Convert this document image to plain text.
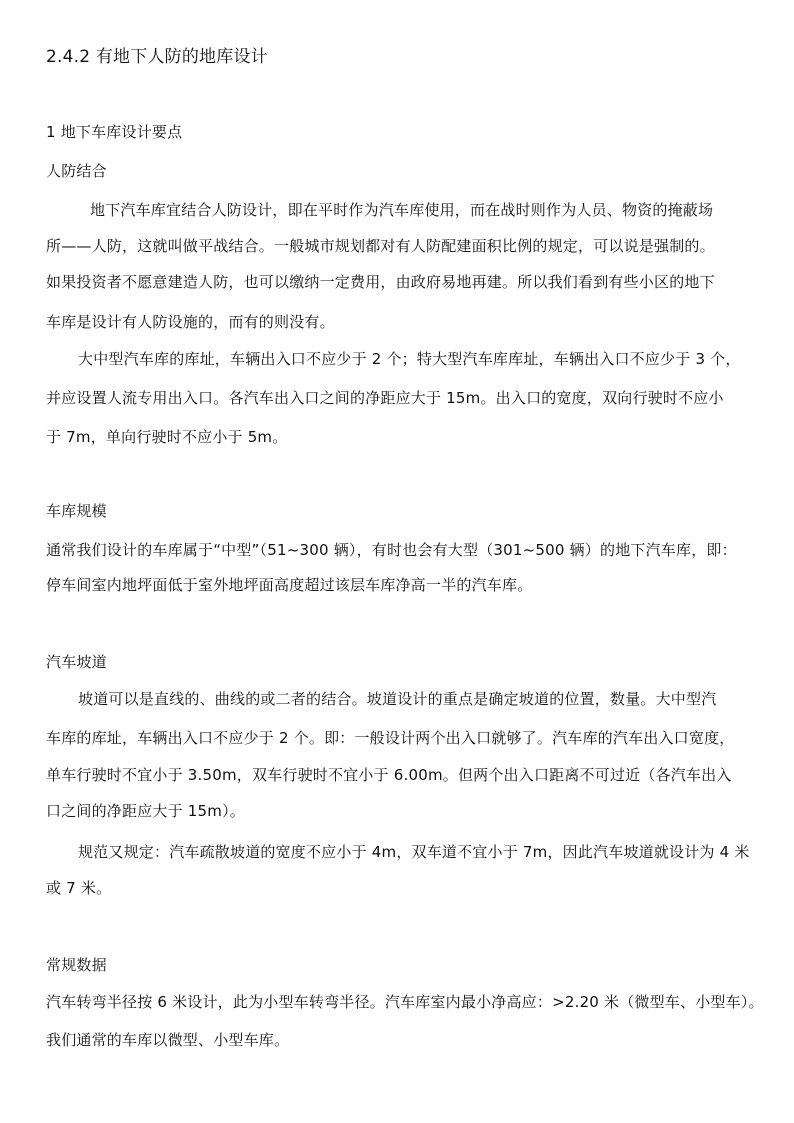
2.4.2 有地下人防的地库设计
1 地下车库设计要点
人防结合
地下汽车库宜结合人防设计，即在平时作为汽车库使用，而在战时则作为人员、物资的掩蔽场
所——人防，这就叫做平战结合。一般城市规划都对有人防配建面积比例的规定，可以说是强制的。
如果投资者不愿意建造人防，也可以缴纳一定费用，由政府易地再建。所以我们看到有些小区的地下
车库是设计有人防设施的，而有的则没有。
大中型汽车库的库址，车辆出入口不应少于 2 个；特大型汽车库库址，车辆出入口不应少于 3 个，
并应设置人流专用出入口。各汽车出入口之间的净距应大于 15m。出入口的宽度，双向行驶时不应小
于 7m，单向行驶时不应小于 5m。
车库规模
通常我们设计的车库属于“中型”（51~300 辆），有时也会有大型（301~500 辆）的地下汽车库，即：
停车间室内地坪面低于室外地坪面高度超过该层车库净高一半的汽车库。
汽车坡道
坡道可以是直线的、曲线的或二者的结合。坡道设计的重点是确定坡道的位置，数量。大中型汽
车库的库址，车辆出入口不应少于 2 个。即：一般设计两个出入口就够了。汽车库的汽车出入口宽度，
单车行驶时不宜小于 3.50m，双车行驶时不宜小于 6.00m。但两个出入口距离不可过近（各汽车出入
口之间的净距应大于 15m）。
规范又规定：汽车疏散坡道的宽度不应小于 4m，双车道不宜小于 7m，因此汽车坡道就设计为 4 米
或 7 米。
常规数据
汽车转弯半径按 6 米设计，此为小型车转弯半径。汽车库室内最小净高应：>2.20 米（微型车、小型车）。
我们通常的车库以微型、小型车库。
